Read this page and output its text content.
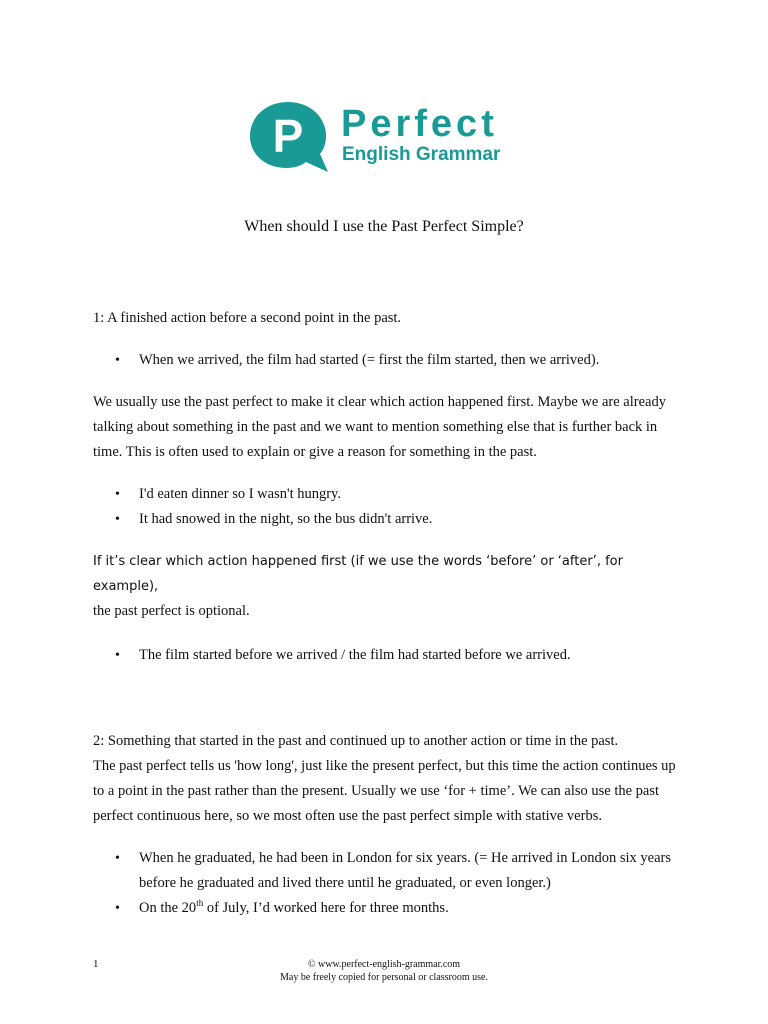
P Perfect
English Grammar
When should I use the Past Perfect Simple?

1: A finished action before a second point in the past.

• When we arrived, the film had started (= first the film started, then we arrived).

We usually use the past perfect to make it clear which action happened first. Maybe we are already talking about something in the past and we want to mention something else that is further back in time. This is often used to explain or give a reason for something in the past.

• I'd eaten dinner so I wasn't hungry.
• It had snowed in the night, so the bus didn't arrive.

If it’s clear which action happened first (if we use the words ‘before’ or ‘after’, for example),
the past perfect is optional.

• The film started before we arrived / the film had started before we arrived.

2: Something that started in the past and continued up to another action or time in the past.

The past perfect tells us 'how long', just like the present perfect, but this time the action continues up to a point in the past rather than the present. Usually we use ‘for + time’. We can also use the past perfect continuous here, so we most often use the past perfect simple with stative verbs.

• When he graduated, he had been in London for six years. (= He arrived in London six years before he graduated and lived there until he graduated, or even longer.)
• On the 20th of July, I’d worked here for three months.
1	© www.perfect-english-grammar.com
May be freely copied for personal or classroom use.
